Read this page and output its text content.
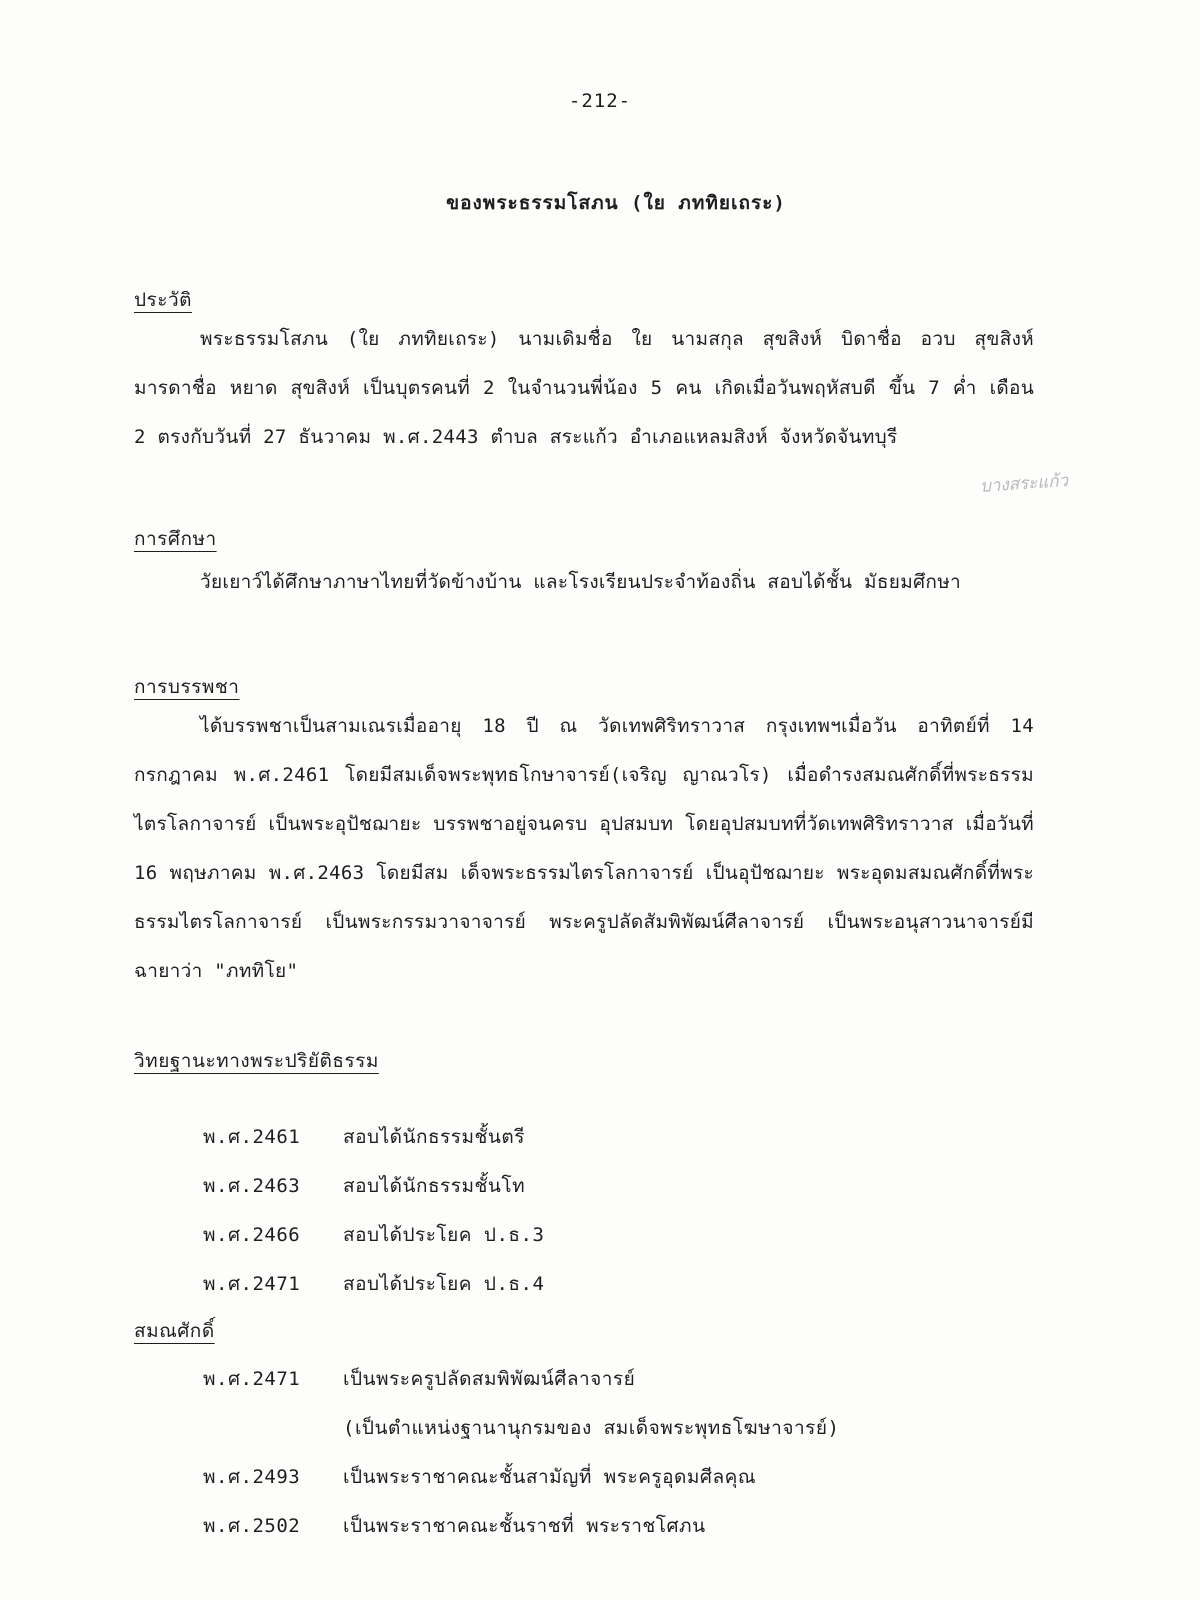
-212-
ของพระธรรมโสภน (ใย ภททิยเถระ)
ประวัติ
พระธรรมโสภน (ใย ภททิยเถระ) นามเดิมชื่อ ใย นามสกุล สุขสิงห์ บิดาชื่อ อวบ สุขสิงห์ มารดาชื่อ หยาด สุขสิงห์ เป็นบุตรคนที่ 2 ในจำนวนพี่น้อง 5 คน เกิดเมื่อวันพฤหัสบดี ขึ้น 7 ค่ำ เดือน 2 ตรงกับวันที่ 27 ธันวาคม พ.ศ.2443 ตำบล สระแก้ว อำเภอแหลมสิงห์ จังหวัดจันทบุรี
บางสระแก้ว
การศึกษา
วัยเยาว์ได้ศึกษาภาษาไทยที่วัดข้างบ้าน และโรงเรียนประจำท้องถิ่น สอบได้ชั้น มัธยมศึกษา
การบรรพชา
ได้บรรพชาเป็นสามเณรเมื่ออายุ 18 ปี ณ วัดเทพศิริทราวาส กรุงเทพฯเมื่อวัน อาทิตย์ที่ 14 กรกฎาคม พ.ศ.2461 โดยมีสมเด็จพระพุทธโกษาจารย์(เจริญ ญาณวโร) เมื่อดำรงสมณศักดิ์ที่พระธรรมไตรโลกาจารย์ เป็นพระอุปัชฌายะ บรรพชาอยู่จนครบ อุปสมบท โดยอุปสมบทที่วัดเทพศิริทราวาส เมื่อวันที่ 16 พฤษภาคม พ.ศ.2463 โดยมีสม เด็จพระธรรมไตรโลกาจารย์ เป็นอุปัชฌายะ พระอุดมสมณศักดิ์ที่พระธรรมไตรโลกาจารย์ เป็นพระกรรมวาจาจารย์ พระครูปลัดสัมพิพัฒน์ศีลาจารย์ เป็นพระอนุสาวนาจารย์มีฉายาว่า "ภททิโย"
วิทยฐานะทางพระปริยัติธรรม
พ.ศ.2461 สอบได้นักธรรมชั้นตรี
พ.ศ.2463 สอบได้นักธรรมชั้นโท
พ.ศ.2466 สอบได้ประโยค ป.ธ.3
พ.ศ.2471 สอบได้ประโยค ป.ธ.4
สมณศักดิ์
พ.ศ.2471 เป็นพระครูปลัดสมพิพัฒน์ศีลาจารย์
(เป็นตำแหน่งฐานานุกรมของ สมเด็จพระพุทธโฆษาจารย์)
พ.ศ.2493 เป็นพระราชาคณะชั้นสามัญที่ พระครูอุดมศีลคุณ
พ.ศ.2502 เป็นพระราชาคณะชั้นราชที่ พระราชโศภน
